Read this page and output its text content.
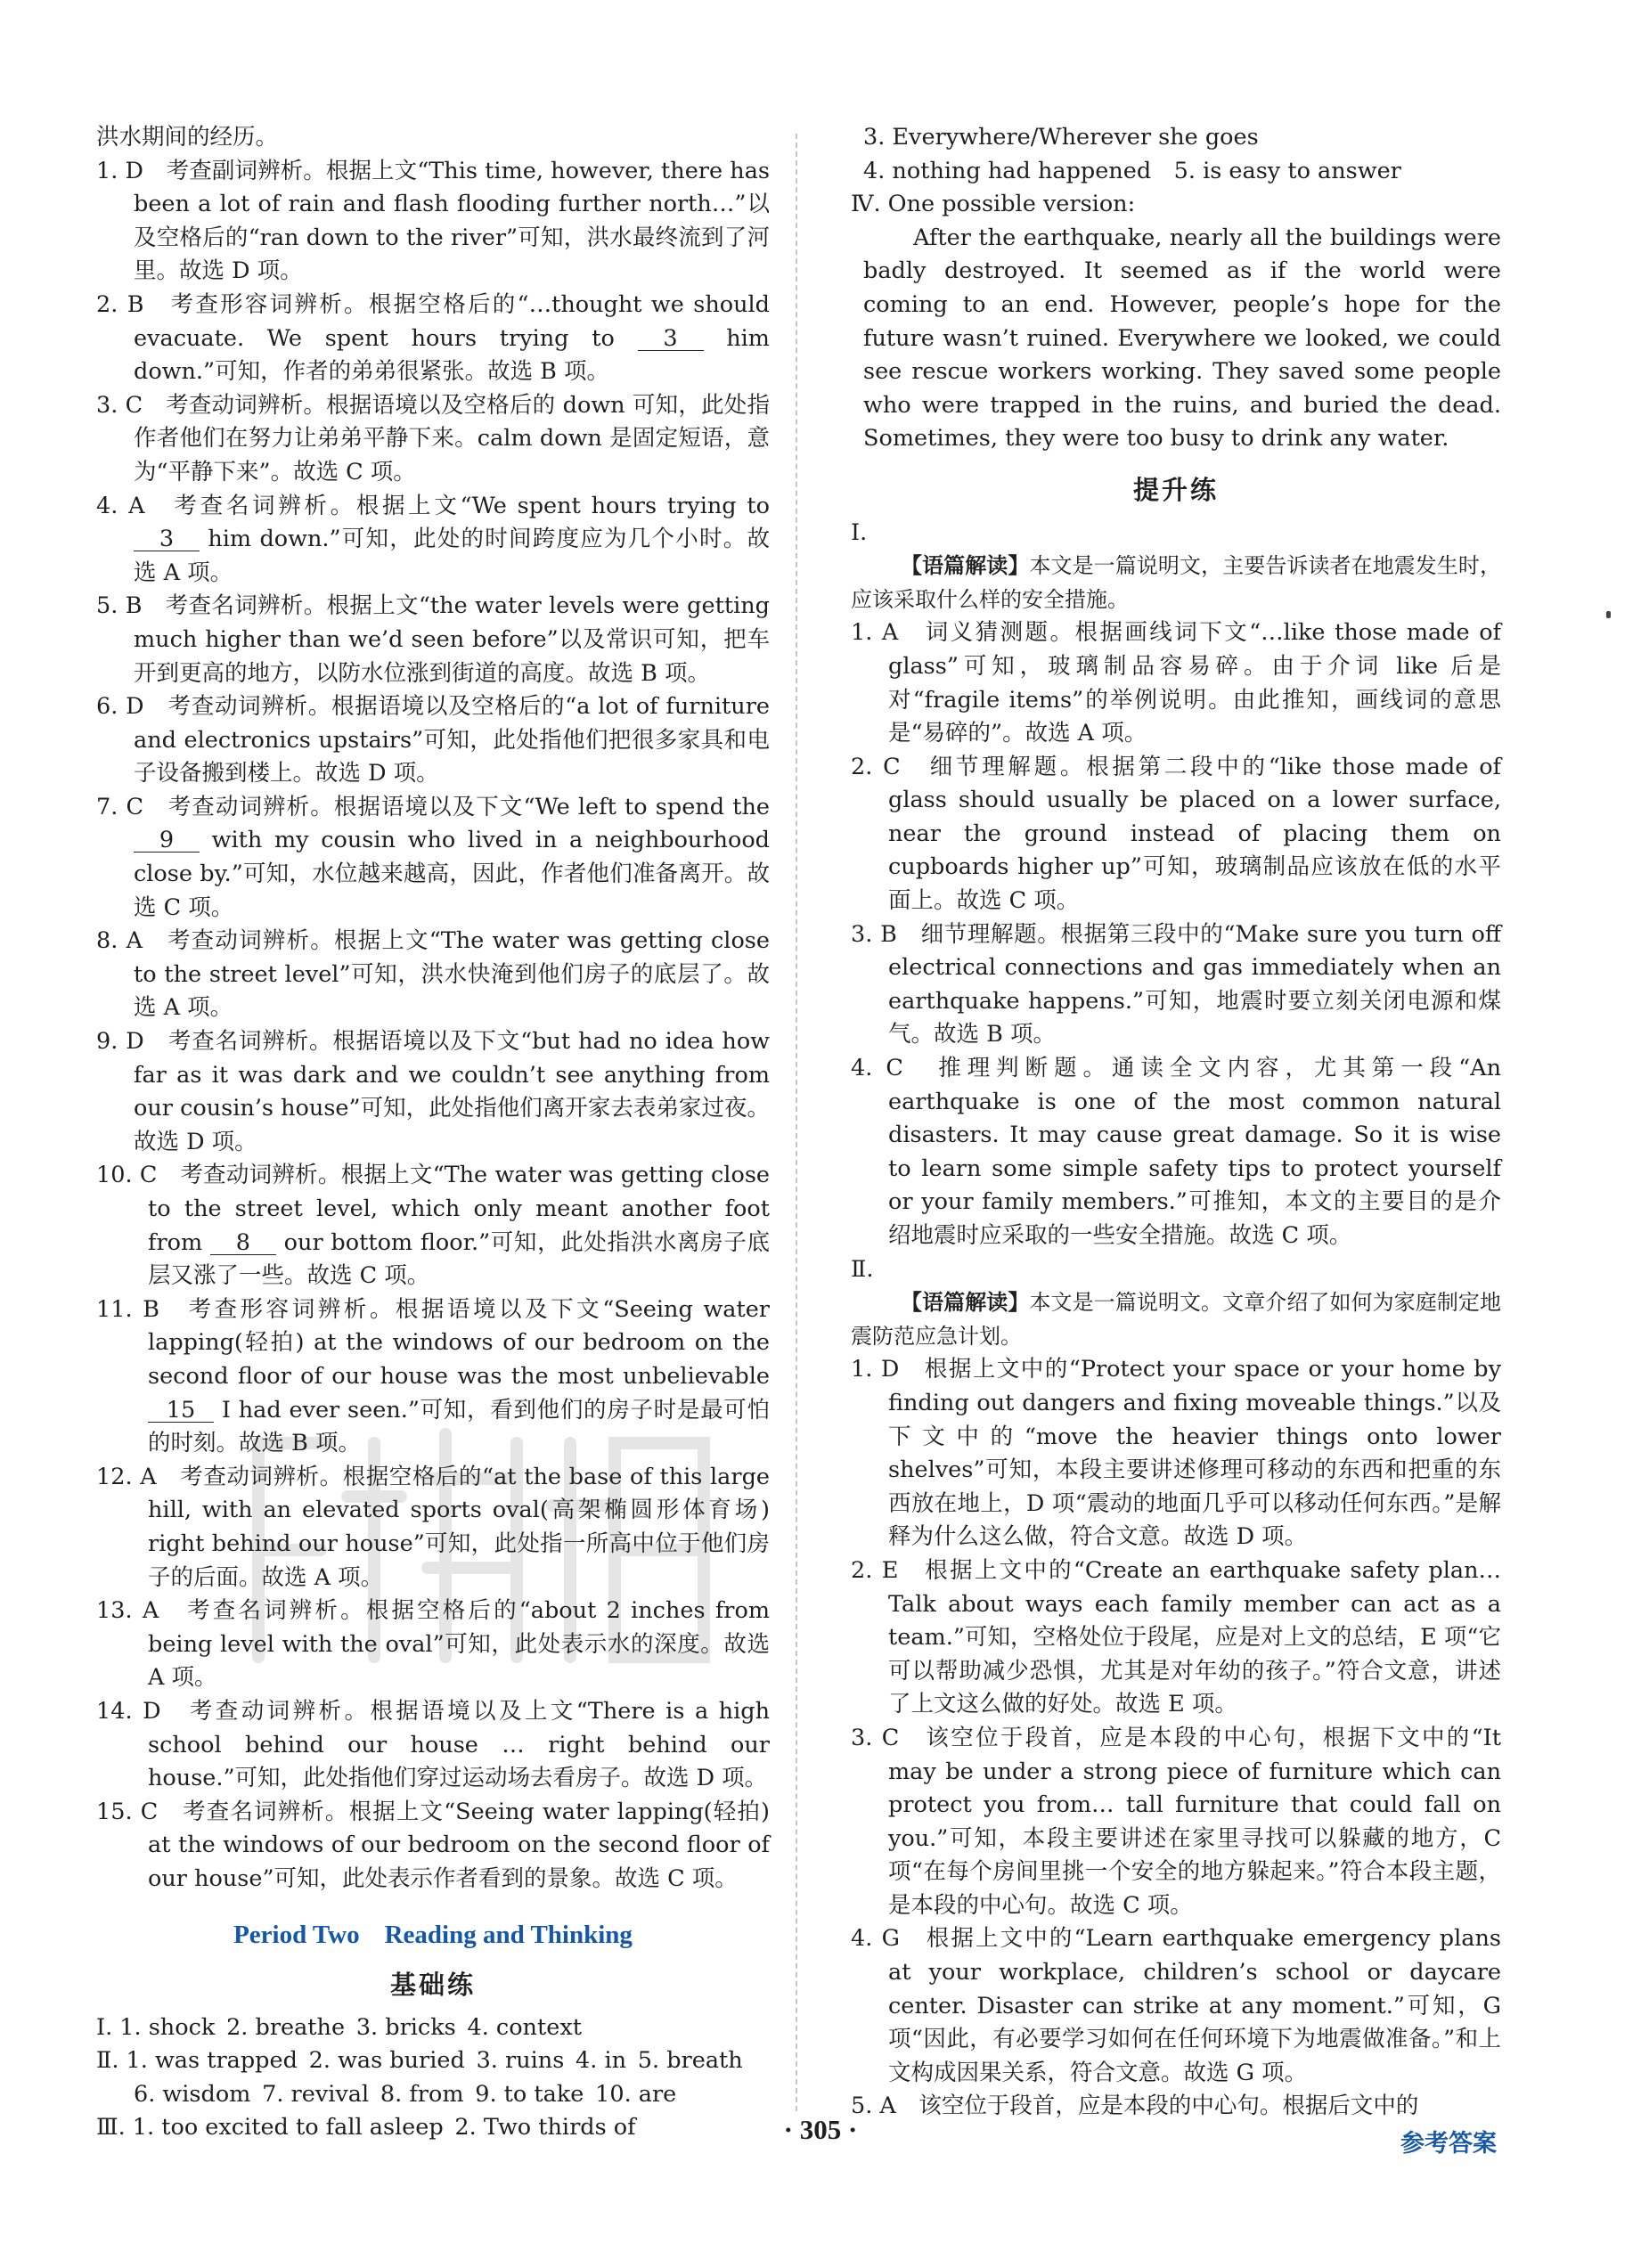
洪水期间的经历。

1. D　考查副词辨析。根据上文“This time, however, there has been a lot of rain and flash flooding further north…”以及空格后的“ran down to the river”可知，洪水最终流到了河里。故选 D 项。

2. B　考查形容词辨析。根据空格后的“…thought we should evacuate. We spent hours trying to 3 him down.”可知，作者的弟弟很紧张。故选 B 项。

3. C　考查动词辨析。根据语境以及空格后的 down 可知，此处指作者他们在努力让弟弟平静下来。calm down 是固定短语，意为“平静下来”。故选 C 项。

4. A　考查名词辨析。根据上文“We spent hours trying to 3 him down.”可知，此处的时间跨度应为几个小时。故选 A 项。

5. B　考查名词辨析。根据上文“the water levels were getting much higher than we’d seen before”以及常识可知，把车开到更高的地方，以防水位涨到街道的高度。故选 B 项。

6. D　考查动词辨析。根据语境以及空格后的“a lot of furniture and electronics upstairs”可知，此处指他们把很多家具和电子设备搬到楼上。故选 D 项。

7. C　考查动词辨析。根据语境以及下文“We left to spend the 9 with my cousin who lived in a neighbourhood close by.”可知，水位越来越高，因此，作者他们准备离开。故选 C 项。

8. A　考查动词辨析。根据上文“The water was getting close to the street level”可知，洪水快淹到他们房子的底层了。故选 A 项。

9. D　考查名词辨析。根据语境以及下文“but had no idea how far as it was dark and we couldn’t see anything from our cousin’s house”可知，此处指他们离开家去表弟家过夜。故选 D 项。

10. C　考查动词辨析。根据上文“The water was getting close to the street level, which only meant another foot from 8 our bottom floor.”可知，此处指洪水离房子底层又涨了一些。故选 C 项。

11. B　考查形容词辨析。根据语境以及下文“Seeing water lapping(轻拍) at the windows of our bedroom on the second floor of our house was the most unbelievable 15 I had ever seen.”可知，看到他们的房子时是最可怕的时刻。故选 B 项。

12. A　考查动词辨析。根据空格后的“at the base of this large hill, with an elevated sports oval(高架椭圆形体育场) right behind our house”可知，此处指一所高中位于他们房子的后面。故选 A 项。

13. A　考查名词辨析。根据空格后的“about 2 inches from being level with the oval”可知，此处表示水的深度。故选 A 项。

14. D　考查动词辨析。根据语境以及上文“There is a high school behind our house … right behind our house.”可知，此处指他们穿过运动场去看房子。故选 D 项。

15. C　考查名词辨析。根据上文“Seeing water lapping(轻拍) at the windows of our bedroom on the second floor of our house”可知，此处表示作者看到的景象。故选 C 项。

Period Two Reading and Thinking
基础练

Ⅰ. 1. shock 2. breathe 3. bricks 4. context

Ⅱ. 1. was trapped 2. was buried 3. ruins 4. in 5. breath

6. wisdom 7. revival 8. from 9. to take 10. are

Ⅲ. 1. too excited to fall asleep 2. Two thirds of

3. Everywhere/Wherever she goes

4. nothing had happened 5. is easy to answer

Ⅳ. One possible version:

After the earthquake, nearly all the buildings were badly destroyed. It seemed as if the world were coming to an end. However, people’s hope for the future wasn’t ruined. Everywhere we looked, we could see rescue workers working. They saved some people who were trapped in the ruins, and buried the dead. Sometimes, they were too busy to drink any water.

提升练

Ⅰ.

【语篇解读】本文是一篇说明文，主要告诉读者在地震发生时，应该采取什么样的安全措施。

1. A　词义猜测题。根据画线词下文“…like those made of glass”可知，玻璃制品容易碎。由于介词 like 后是对“fragile items”的举例说明。由此推知，画线词的意思是“易碎的”。故选 A 项。

2. C　细节理解题。根据第二段中的“like those made of glass should usually be placed on a lower surface, near the ground instead of placing them on cupboards higher up”可知，玻璃制品应该放在低的水平面上。故选 C 项。

3. B　细节理解题。根据第三段中的“Make sure you turn off electrical connections and gas immediately when an earthquake happens.”可知，地震时要立刻关闭电源和煤气。故选 B 项。

4. C　推理判断题。通读全文内容，尤其第一段“An earthquake is one of the most common natural disasters. It may cause great damage. So it is wise to learn some simple safety tips to protect yourself or your family members.”可推知，本文的主要目的是介绍地震时应采取的一些安全措施。故选 C 项。

Ⅱ.

【语篇解读】本文是一篇说明文。文章介绍了如何为家庭制定地震防范应急计划。

1. D　根据上文中的“Protect your space or your home by finding out dangers and fixing moveable things.”以及下文中的“move the heavier things onto lower shelves”可知，本段主要讲述修理可移动的东西和把重的东西放在地上，D 项“震动的地面几乎可以移动任何东西。”是解释为什么这么做，符合文意。故选 D 项。

2. E　根据上文中的“Create an earthquake safety plan… Talk about ways each family member can act as a team.”可知，空格处位于段尾，应是对上文的总结，E 项“它可以帮助减少恐惧，尤其是对年幼的孩子。”符合文意，讲述了上文这么做的好处。故选 E 项。

3. C　该空位于段首，应是本段的中心句，根据下文中的“It may be under a strong piece of furniture which can protect you from… tall furniture that could fall on you.”可知，本段主要讲述在家里寻找可以躲藏的地方，C 项“在每个房间里挑一个安全的地方躲起来。”符合本段主题，是本段的中心句。故选 C 项。

4. G　根据上文中的“Learn earthquake emergency plans at your workplace, children’s school or daycare center. Disaster can strike at any moment.”可知，G 项“因此，有必要学习如何在任何环境下为地震做准备。”和上文构成因果关系，符合文意。故选 G 项。

5. A　该空位于段首，应是本段的中心句。根据后文中的

· 305 ·	参考答案
